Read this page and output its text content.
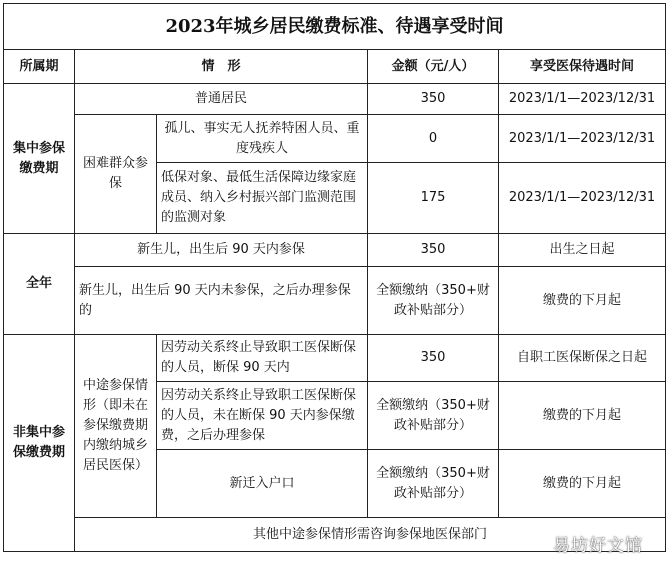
2023年城乡居民缴费标准、待遇享受时间				
所属期	情　形		金额（元/人）	享受医保待遇时间
集中参保缴费期	普通居民		350	2023/1/1—2023/12/31
	困难群众参保	孤儿、事实无人抚养特困人员、重度残疾人	0	2023/1/1—2023/12/31
		低保对象、最低生活保障边缘家庭成员、纳入乡村振兴部门监测范围的监测对象	175	2023/1/1—2023/12/31

全年	新生儿，出生后 90 天内参保		350	出生之日起
	新生儿，出生后 90 天内未参保，之后办理参保的		全额缴纳（350+财政补贴部分）	缴费的下月起
非集中参保缴费期	中途参保情形（即未在参保缴费期内缴纳城乡居民医保）	因劳动关系终止导致职工医保断保的人员，断保 90 天内	350	自职工医保断保之日起
		因劳动关系终止导致职工医保断保的人员，未在断保 90 天内参保缴费，之后办理参保	全额缴纳（350+财政补贴部分）	缴费的下月起
		新迁入户口	全额缴纳（350+财政补贴部分）	缴费的下月起
	其他中途参保情形需咨询参保地医保部门			
易坊好文馆
